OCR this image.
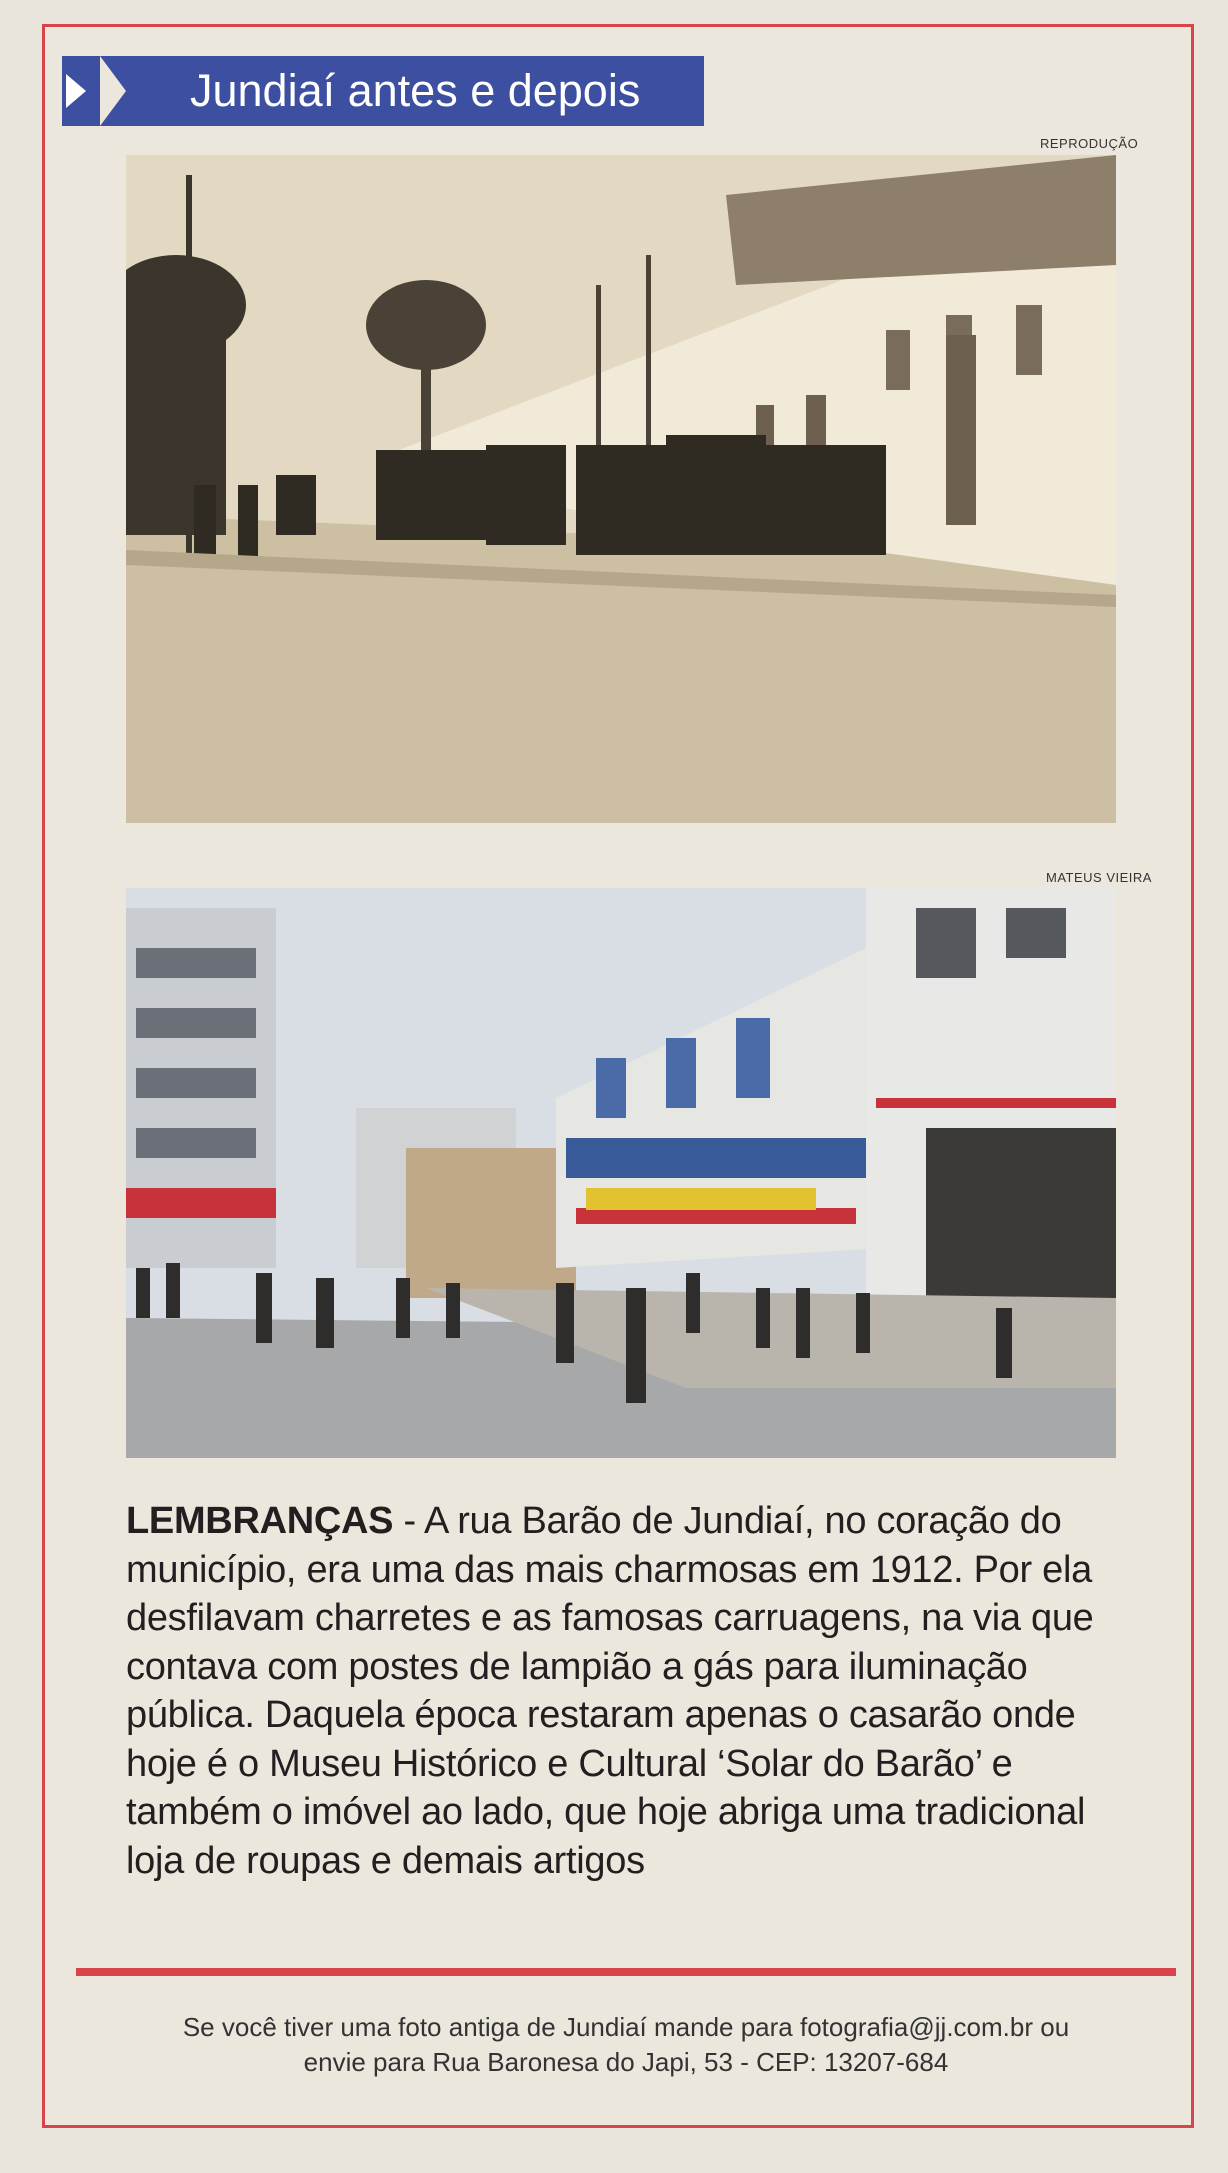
Jundiaí antes e depois
REPRODUÇÃO
MATEUS VIEIRA
LEMBRANÇAS - A rua Barão de Jundiaí, no coração do município, era uma das mais charmosas em 1912. Por ela desfilavam charretes e as famosas carruagens, na via que contava com postes de lampião a gás para iluminação pública. Daquela época restaram apenas o casarão onde hoje é o Museu Histórico e Cultural ‘Solar do Barão’ e também o imóvel ao lado, que hoje abriga uma tradicional loja de roupas e demais artigos
Se você tiver uma foto antiga de Jundiaí mande para fotografia@jj.com.br ou
envie para Rua Baronesa do Japi, 53 - CEP: 13207-684
